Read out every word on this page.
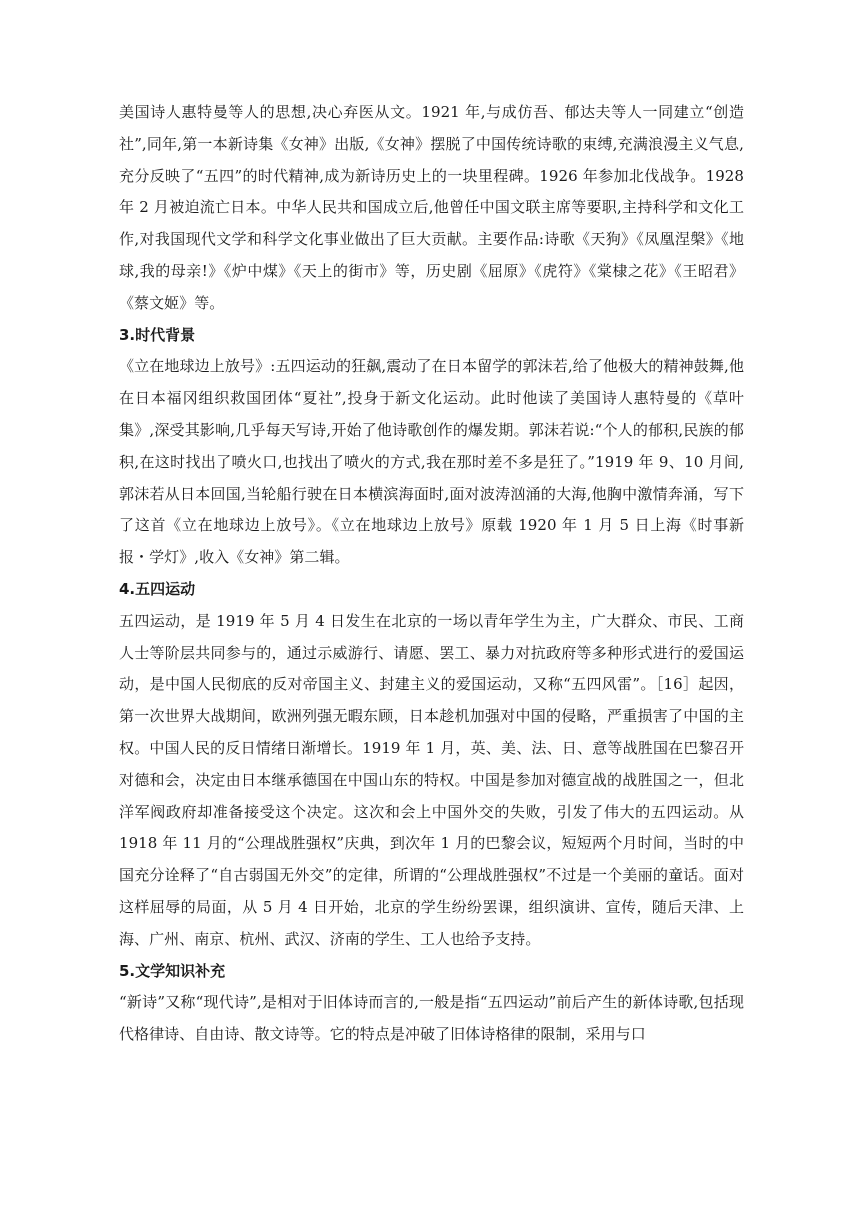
美国诗人惠特曼等人的思想,决心弃医从文。1921 年,与成仿吾、郁达夫等人一同建立“创造社”,同年,第一本新诗集《女神》出版,《女神》摆脱了中国传统诗歌的束缚,充满浪漫主义气息,充分反映了“五四”的时代精神,成为新诗历史上的一块里程碑。1926 年参加北伐战争。1928 年 2 月被迫流亡日本。中华人民共和国成立后,他曾任中国文联主席等要职,主持科学和文化工作,对我国现代文学和科学文化事业做出了巨大贡献。主要作品:诗歌《天狗》《凤凰涅槃》《地球,我的母亲!》《炉中煤》《天上的街市》等，历史剧《屈原》《虎符》《棠棣之花》《王昭君》《蔡文姬》等。

3.时代背景

《立在地球边上放号》:五四运动的狂飙,震动了在日本留学的郭沫若,给了他极大的精神鼓舞,他在日本福冈组织救国团体“夏社”,投身于新文化运动。此时他读了美国诗人惠特曼的《草叶集》,深受其影响,几乎每天写诗,开始了他诗歌创作的爆发期。郭沫若说:“个人的郁积,民族的郁积,在这时找出了喷火口,也找出了喷火的方式,我在那时差不多是狂了。”1919 年 9、10 月间,郭沫若从日本回国,当轮船行驶在日本横滨海面时,面对波涛汹涌的大海,他胸中激情奔涌，写下了这首《立在地球边上放号》。《立在地球边上放号》原载 1920 年 1 月 5 日上海《时事新报・学灯》,收入《女神》第二辑。

4.五四运动

五四运动，是 1919 年 5 月 4 日发生在北京的一场以青年学生为主，广大群众、市民、工商人士等阶层共同参与的，通过示威游行、请愿、罢工、暴力对抗政府等多种形式进行的爱国运动，是中国人民彻底的反对帝国主义、封建主义的爱国运动，又称“五四风雷”。［16］起因，第一次世界大战期间，欧洲列强无暇东顾，日本趁机加强对中国的侵略，严重损害了中国的主权。中国人民的反日情绪日渐增长。1919 年 1 月，英、美、法、日、意等战胜国在巴黎召开对德和会，决定由日本继承德国在中国山东的特权。中国是参加对德宣战的战胜国之一，但北洋军阀政府却准备接受这个决定。这次和会上中国外交的失败，引发了伟大的五四运动。从 1918 年 11 月的“公理战胜强权”庆典，到次年 1 月的巴黎会议，短短两个月时间，当时的中国充分诠释了“自古弱国无外交”的定律，所谓的“公理战胜强权”不过是一个美丽的童话。面对这样屈辱的局面，从 5 月 4 日开始，北京的学生纷纷罢课，组织演讲、宣传，随后天津、上海、广州、南京、杭州、武汉、济南的学生、工人也给予支持。

5.文学知识补充

“新诗”又称“现代诗”,是相对于旧体诗而言的,一般是指“五四运动”前后产生的新体诗歌,包括现代格律诗、自由诗、散文诗等。它的特点是冲破了旧体诗格律的限制，采用与口
